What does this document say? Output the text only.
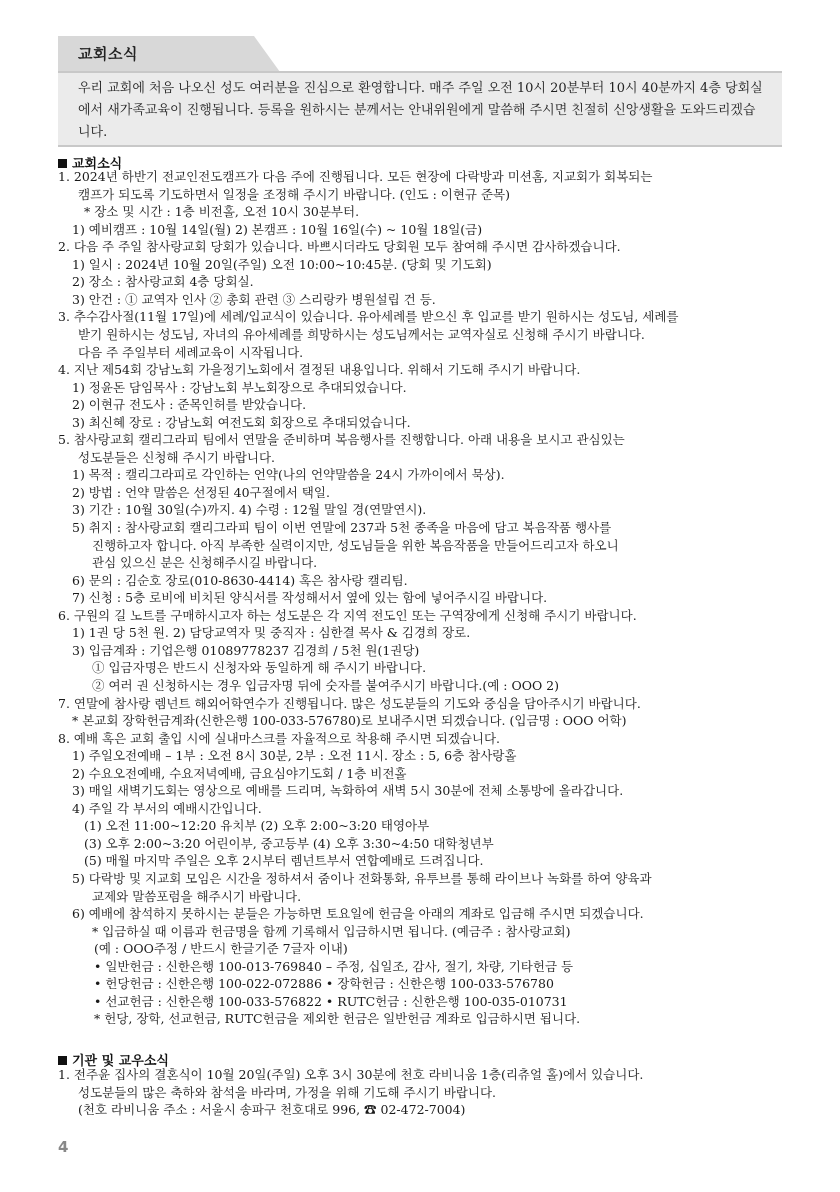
교회소식
우리 교회에 처음 나오신 성도 여러분을 진심으로 환영합니다. 매주 주일 오전 10시 20분부터 10시 40분까지 4층 당회실에서 새가족교육이 진행됩니다. 등록을 원하시는 분께서는 안내위원에게 말씀해 주시면 친절히 신앙생활을 도와드리겠습니다.
교회소식
1. 2024년 하반기 전교인전도캠프가 다음 주에 진행됩니다. 모든 현장에 다락방과 미션홈, 지교회가 회복되는
캠프가 되도록 기도하면서 일정을 조정해 주시기 바랍니다. (인도 : 이현규 준목)
* 장소 및 시간 : 1층 비전홀, 오전 10시 30분부터.
1) 예비캠프 : 10월 14일(월) 2) 본캠프 : 10월 16일(수) ~ 10월 18일(금)
2. 다음 주 주일 참사랑교회 당회가 있습니다. 바쁘시더라도 당회원 모두 참여해 주시면 감사하겠습니다.
1) 일시 : 2024년 10월 20일(주일) 오전 10:00~10:45분. (당회 및 기도회)
2) 장소 : 참사랑교회 4층 당회실.
3) 안건 : ① 교역자 인사 ② 총회 관련 ③ 스리랑카 병원설립 건 등.
3. 추수감사절(11월 17일)에 세례/입교식이 있습니다. 유아세례를 받으신 후 입교를 받기 원하시는 성도님, 세례를
받기 원하시는 성도님, 자녀의 유아세례를 희망하시는 성도님께서는 교역자실로 신청해 주시기 바랍니다.
다음 주 주일부터 세례교육이 시작됩니다.
4. 지난 제54회 강남노회 가을정기노회에서 결정된 내용입니다. 위해서 기도해 주시기 바랍니다.
1) 정윤돈 담임목사 : 강남노회 부노회장으로 추대되었습니다.
2) 이현규 전도사 : 준목인허를 받았습니다.
3) 최신혜 장로 : 강남노회 여전도회 회장으로 추대되었습니다.
5. 참사랑교회 캘리그라피 팀에서 연말을 준비하며 복음행사를 진행합니다. 아래 내용을 보시고 관심있는
성도분들은 신청해 주시기 바랍니다.
1) 목적 : 캘리그라피로 각인하는 언약(나의 언약말씀을 24시 가까이에서 묵상).
2) 방법 : 언약 말씀은 선정된 40구절에서 택일.
3) 기간 : 10월 30일(수)까지. 4) 수령 : 12월 말일 경(연말연시).
5) 취지 : 참사랑교회 캘리그라피 팀이 이번 연말에 237과 5천 종족을 마음에 담고 복음작품 행사를
진행하고자 합니다. 아직 부족한 실력이지만, 성도님들을 위한 복음작품을 만들어드리고자 하오니
관심 있으신 분은 신청해주시길 바랍니다.
6) 문의 : 김순호 장로(010-8630-4414) 혹은 참사랑 캘리팀.
7) 신청 : 5층 로비에 비치된 양식서를 작성해서서 옆에 있는 함에 넣어주시길 바랍니다.
6. 구원의 길 노트를 구매하시고자 하는 성도분은 각 지역 전도인 또는 구역장에게 신청해 주시기 바랍니다.
1) 1권 당 5천 원. 2) 담당교역자 및 중직자 : 심한결 목사 & 김경희 장로.
3) 입금계좌 : 기업은행 01089778237 김경희 / 5천 원(1권당)
① 입금자명은 반드시 신청자와 동일하게 해 주시기 바랍니다.
② 여러 권 신청하시는 경우 입금자명 뒤에 숫자를 붙여주시기 바랍니다.(예 : OOO 2)
7. 연말에 참사랑 렘넌트 해외어학연수가 진행됩니다. 많은 성도분들의 기도와 중심을 담아주시기 바랍니다.
* 본교회 장학헌금계좌(신한은행 100-033-576780)로 보내주시면 되겠습니다. (입금명 : OOO 어학)
8. 예배 혹은 교회 출입 시에 실내마스크를 자율적으로 착용해 주시면 되겠습니다.
1) 주일오전예배 – 1부 : 오전 8시 30분, 2부 : 오전 11시. 장소 : 5, 6층 참사랑홀
2) 수요오전예배, 수요저녁예배, 금요심야기도회 / 1층 비전홀
3) 매일 새벽기도회는 영상으로 예배를 드리며, 녹화하여 새벽 5시 30분에 전체 소통방에 올라갑니다.
4) 주일 각 부서의 예배시간입니다.
(1) 오전 11:00~12:20 유치부 (2) 오후 2:00~3:20 태영아부
(3) 오후 2:00~3:20 어린이부, 중고등부 (4) 오후 3:30~4:50 대학청년부
(5) 매월 마지막 주일은 오후 2시부터 렘넌트부서 연합예배로 드려집니다.
5) 다락방 및 지교회 모임은 시간을 정하셔서 줌이나 전화통화, 유투브를 통해 라이브나 녹화를 하여 양육과
교제와 말씀포럼을 해주시기 바랍니다.
6) 예배에 참석하지 못하시는 분들은 가능하면 토요일에 헌금을 아래의 계좌로 입금해 주시면 되겠습니다.
* 입금하실 때 이름과 헌금명을 함께 기록해서 입금하시면 됩니다. (예금주 : 참사랑교회)
(예 : OOO주정 / 반드시 한글기준 7글자 이내)
• 일반헌금 : 신한은행 100-013-769840 – 주정, 십일조, 감사, 절기, 차량, 기타헌금 등
• 헌당헌금 : 신한은행 100-022-072886 • 장학헌금 : 신한은행 100-033-576780
• 선교헌금 : 신한은행 100-033-576822 • RUTC헌금 : 신한은행 100-035-010731
* 헌당, 장학, 선교헌금, RUTC헌금을 제외한 헌금은 일반헌금 계좌로 입금하시면 됩니다.
기관 및 교우소식
1. 전주윤 집사의 결혼식이 10월 20일(주일) 오후 3시 30분에 천호 라비니움 1층(리츄얼 홀)에서 있습니다.
성도분들의 많은 축하와 참석을 바라며, 가정을 위해 기도해 주시기 바랍니다.
(천호 라비니움 주소 : 서울시 송파구 천호대로 996, ☎ 02-472-7004)
4
